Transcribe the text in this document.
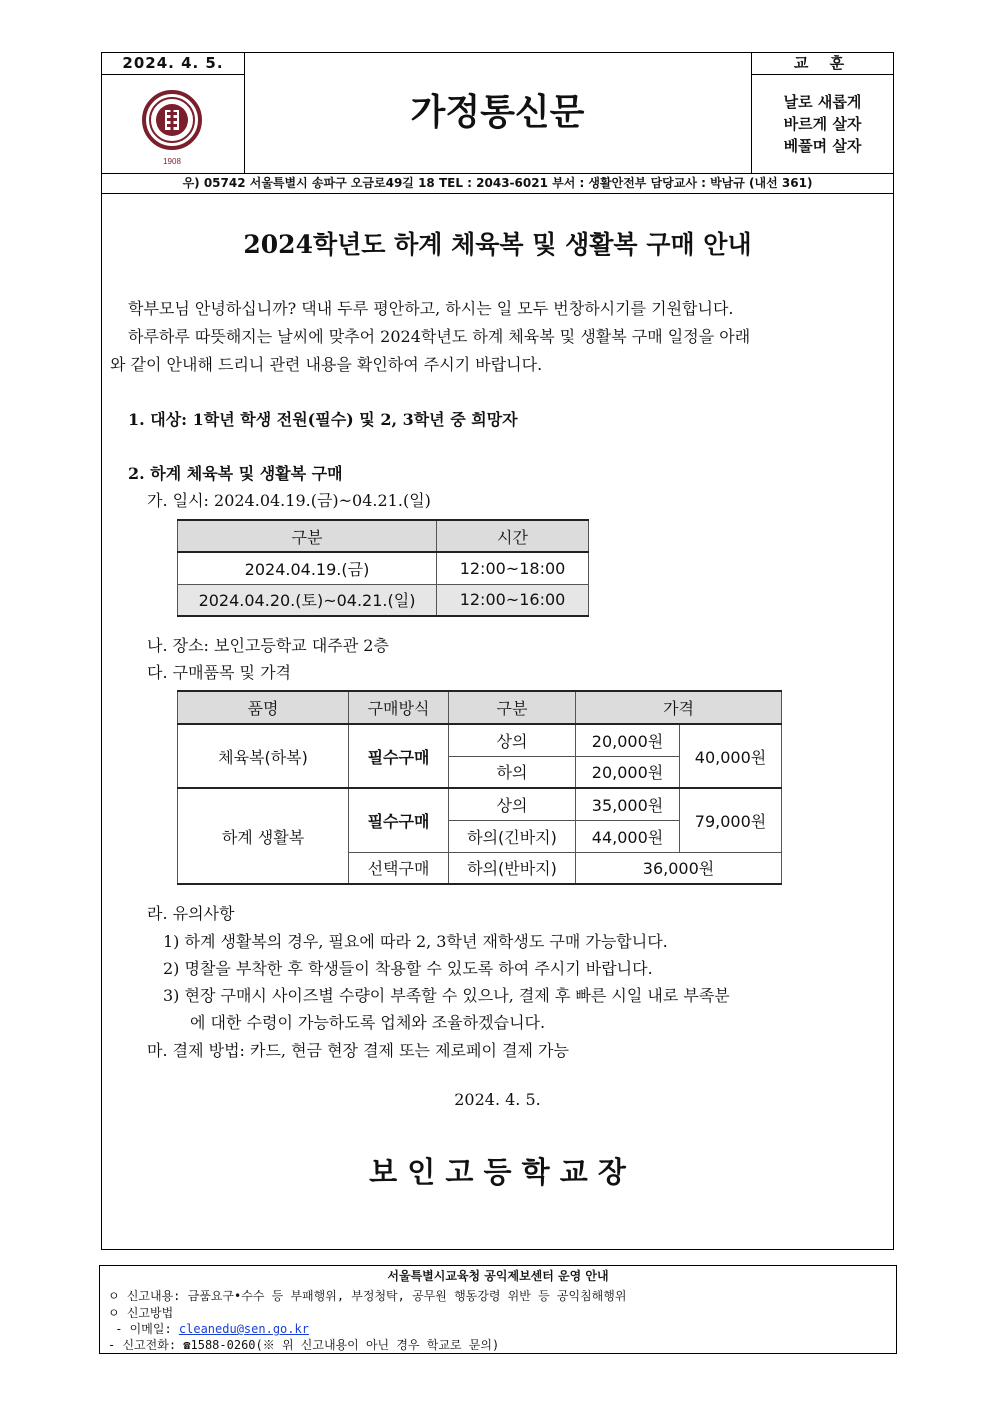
2024. 4. 5.
1908
가정통신문
교 훈
날로 새롭게
바르게 살자
베풀며 살자
우) 05742 서울특별시 송파구 오금로49길 18 TEL : 2043-6021 부서 : 생활안전부 담당교사 : 박남규 (내선 361)
2024학년도 하계 체육복 및 생활복 구매 안내
학부모님 안녕하십니까? 댁내 두루 평안하고, 하시는 일 모두 번창하시기를 기원합니다.
하루하루 따뜻해지는 날씨에 맞추어 2024학년도 하계 체육복 및 생활복 구매 일정을 아래
와 같이 안내해 드리니 관련 내용을 확인하여 주시기 바랍니다.
1. 대상: 1학년 학생 전원(필수) 및 2, 3학년 중 희망자
2. 하계 체육복 및 생활복 구매
가. 일시: 2024.04.19.(금)~04.21.(일)
구분	시간
2024.04.19.(금)	12:00~18:00
2024.04.20.(토)~04.21.(일)	12:00~16:00
나. 장소: 보인고등학교 대주관 2층
다. 구매품목 및 가격
품명	구매방식	구분	가격	
체육복(하복)	필수구매	상의	20,000원	40,000원
		하의	20,000원	
하계 생활복	필수구매	상의	35,000원	79,000원
		하의(긴바지)	44,000원	
	선택구매	하의(반바지)	36,000원	
라. 유의사항
1) 하계 생활복의 경우, 필요에 따라 2, 3학년 재학생도 구매 가능합니다.
2) 명찰을 부착한 후 학생들이 착용할 수 있도록 하여 주시기 바랍니다.
3) 현장 구매시 사이즈별 수량이 부족할 수 있으나, 결제 후 빠른 시일 내로 부족분
에 대한 수령이 가능하도록 업체와 조율하겠습니다.
마. 결제 방법: 카드, 현금 현장 결제 또는 제로페이 결제 가능
2024. 4. 5.
보 인 고 등 학 교 장
서울특별시교육청 공익제보센터 운영 안내
ㅇ 신고내용: 금품요구•수수 등 부패행위, 부정청탁, 공무원 행동강령 위반 등 공익침해행위
ㅇ 신고방법
- 이메일: cleanedu@sen.go.kr
- 신고전화: ☎1588-0260(※ 위 신고내용이 아닌 경우 학교로 문의)
